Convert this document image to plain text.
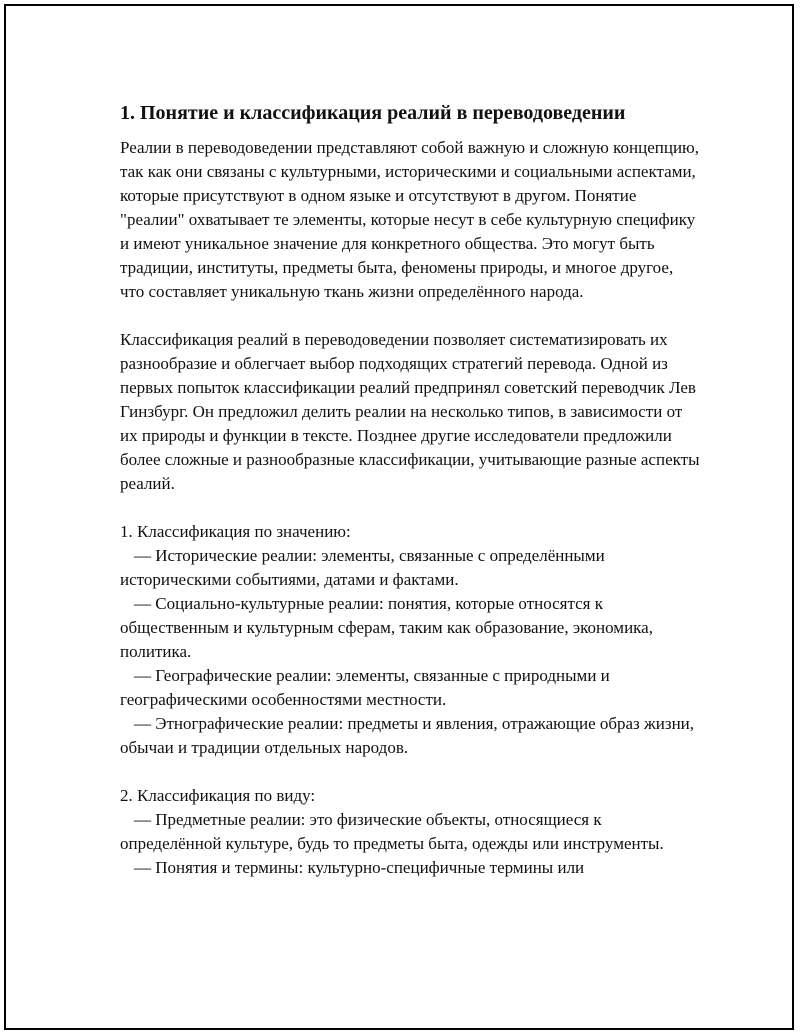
1. Понятие и классификация реалий в переводоведении

Реалии в переводоведении представляют собой важную и сложную концепцию, так как они связаны с культурными, историческими и социальными аспектами, которые присутствуют в одном языке и отсутствуют в другом. Понятие "реалии" охватывает те элементы, которые несут в себе культурную специфику и имеют уникальное значение для конкретного общества. Это могут быть традиции, институты, предметы быта, феномены природы, и многое другое, что составляет уникальную ткань жизни определённого народа.

Классификация реалий в переводоведении позволяет систематизировать их разнообразие и облегчает выбор подходящих стратегий перевода. Одной из первых попыток классификации реалий предпринял советский переводчик Лев Гинзбург. Он предложил делить реалии на несколько типов, в зависимости от их природы и функции в тексте. Позднее другие исследователи предложили более сложные и разнообразные классификации, учитывающие разные аспекты реалий.

1. Классификация по значению:

— Исторические реалии: элементы, связанные с определёнными историческими событиями, датами и фактами.

— Социально-культурные реалии: понятия, которые относятся к общественным и культурным сферам, таким как образование, экономика, политика.

— Географические реалии: элементы, связанные с природными и географическими особенностями местности.

— Этнографические реалии: предметы и явления, отражающие образ жизни, обычаи и традиции отдельных народов.

2. Классификация по виду:

— Предметные реалии: это физические объекты, относящиеся к определённой культуре, будь то предметы быта, одежды или инструменты.

— Понятия и термины: культурно-специфичные термины или
